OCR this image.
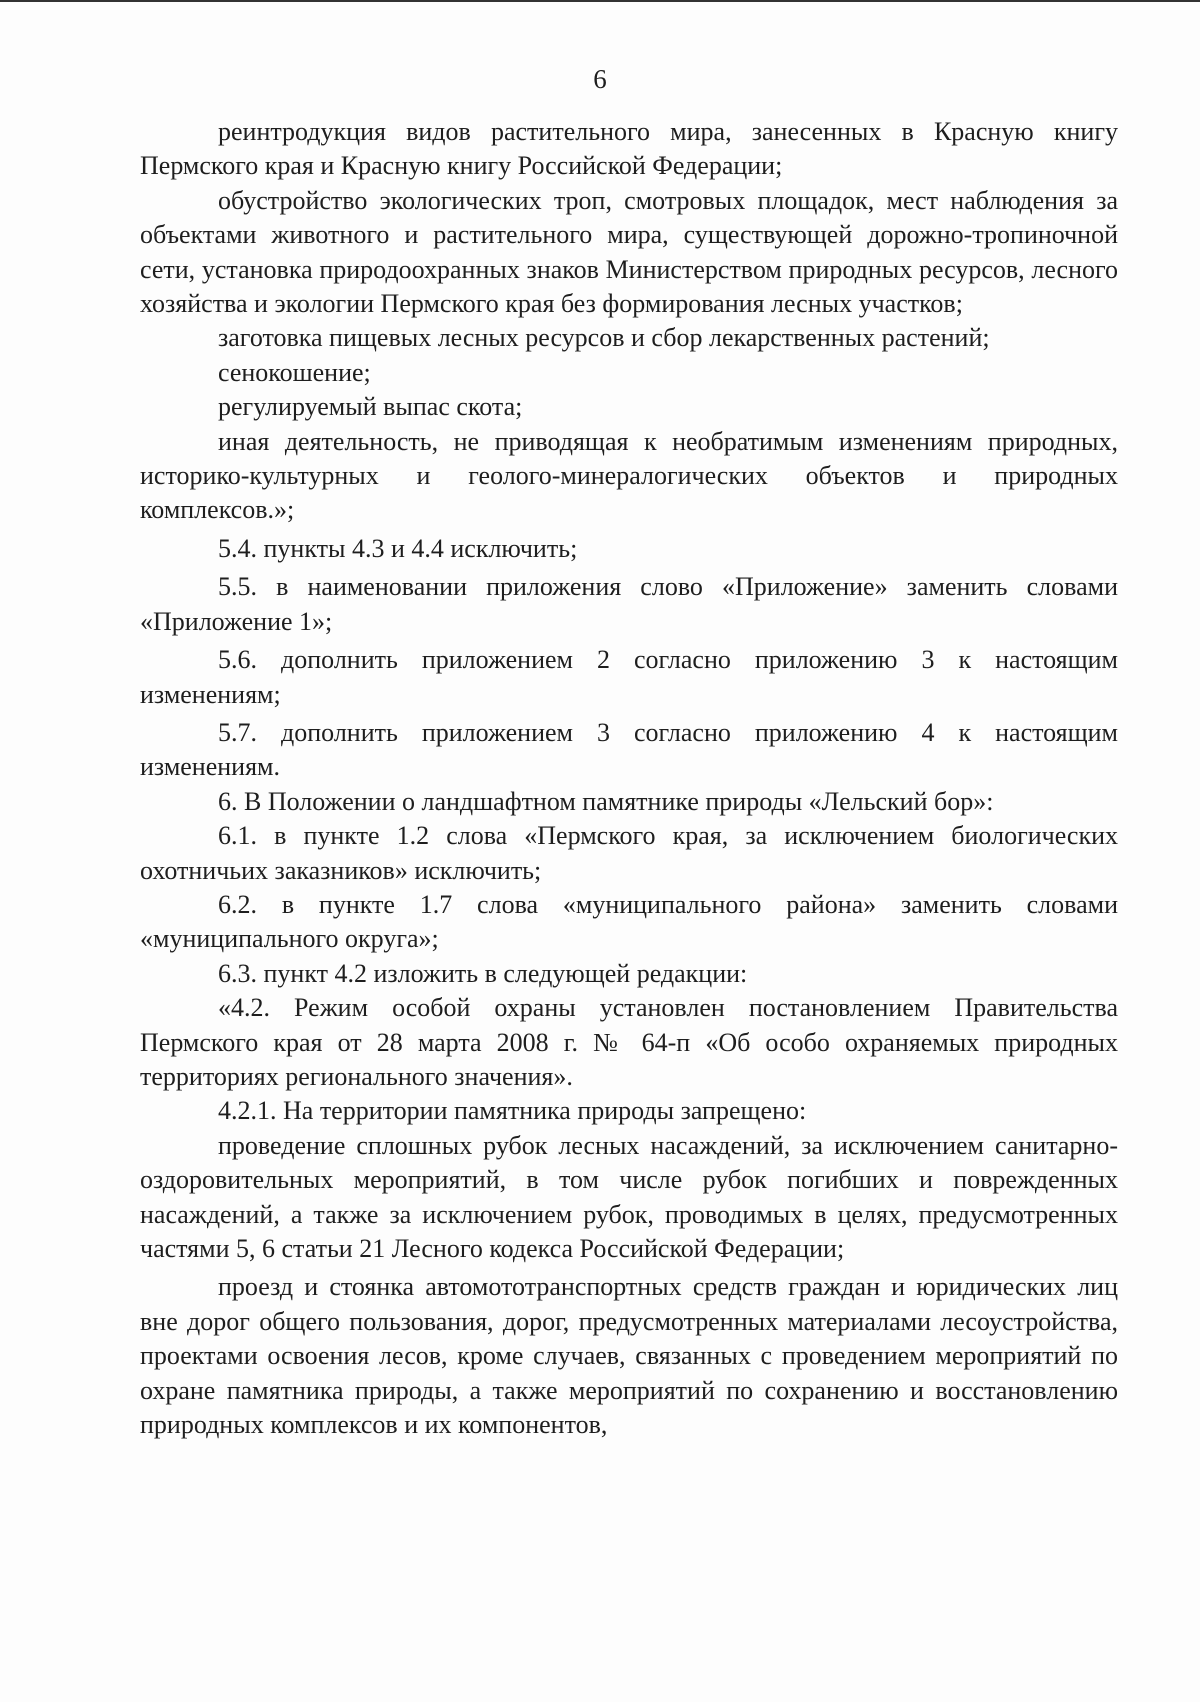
6

реинтродукция видов растительного мира, занесенных в Красную книгу Пермского края и Красную книгу Российской Федерации;

обустройство экологических троп, смотровых площадок, мест наблюдения за объектами животного и растительного мира, существующей дорожно-тропиночной сети, установка природоохранных знаков Министерством природных ресурсов, лесного хозяйства и экологии Пермского края без формирования лесных участков;

заготовка пищевых лесных ресурсов и сбор лекарственных растений;

сенокошение;

регулируемый выпас скота;

иная деятельность, не приводящая к необратимым изменениям природных, историко-культурных и геолого-минералогических объектов и природных комплексов.»;

5.4. пункты 4.3 и 4.4 исключить;

5.5. в наименовании приложения слово «Приложение» заменить словами «Приложение 1»;

5.6. дополнить приложением 2 согласно приложению 3 к настоящим изменениям;

5.7. дополнить приложением 3 согласно приложению 4 к настоящим изменениям.

6. В Положении о ландшафтном памятнике природы «Лельский бор»:

6.1. в пункте 1.2 слова «Пермского края, за исключением биологических охотничьих заказников» исключить;

6.2. в пункте 1.7 слова «муниципального района» заменить словами «муниципального округа»;

6.3. пункт 4.2 изложить в следующей редакции:

«4.2. Режим особой охраны установлен постановлением Правительства Пермского края от 28 марта 2008 г. № 64-п «Об особо охраняемых природных территориях регионального значения».

4.2.1. На территории памятника природы запрещено:

проведение сплошных рубок лесных насаждений, за исключением санитарно-оздоровительных мероприятий, в том числе рубок погибших и поврежденных насаждений, а также за исключением рубок, проводимых в целях, предусмотренных частями 5, 6 статьи 21 Лесного кодекса Российской Федерации;

проезд и стоянка автомототранспортных средств граждан и юридических лиц вне дорог общего пользования, дорог, предусмотренных материалами лесоустройства, проектами освоения лесов, кроме случаев, связанных с проведением мероприятий по охране памятника природы, а также мероприятий по сохранению и восстановлению природных комплексов и их компонентов,
